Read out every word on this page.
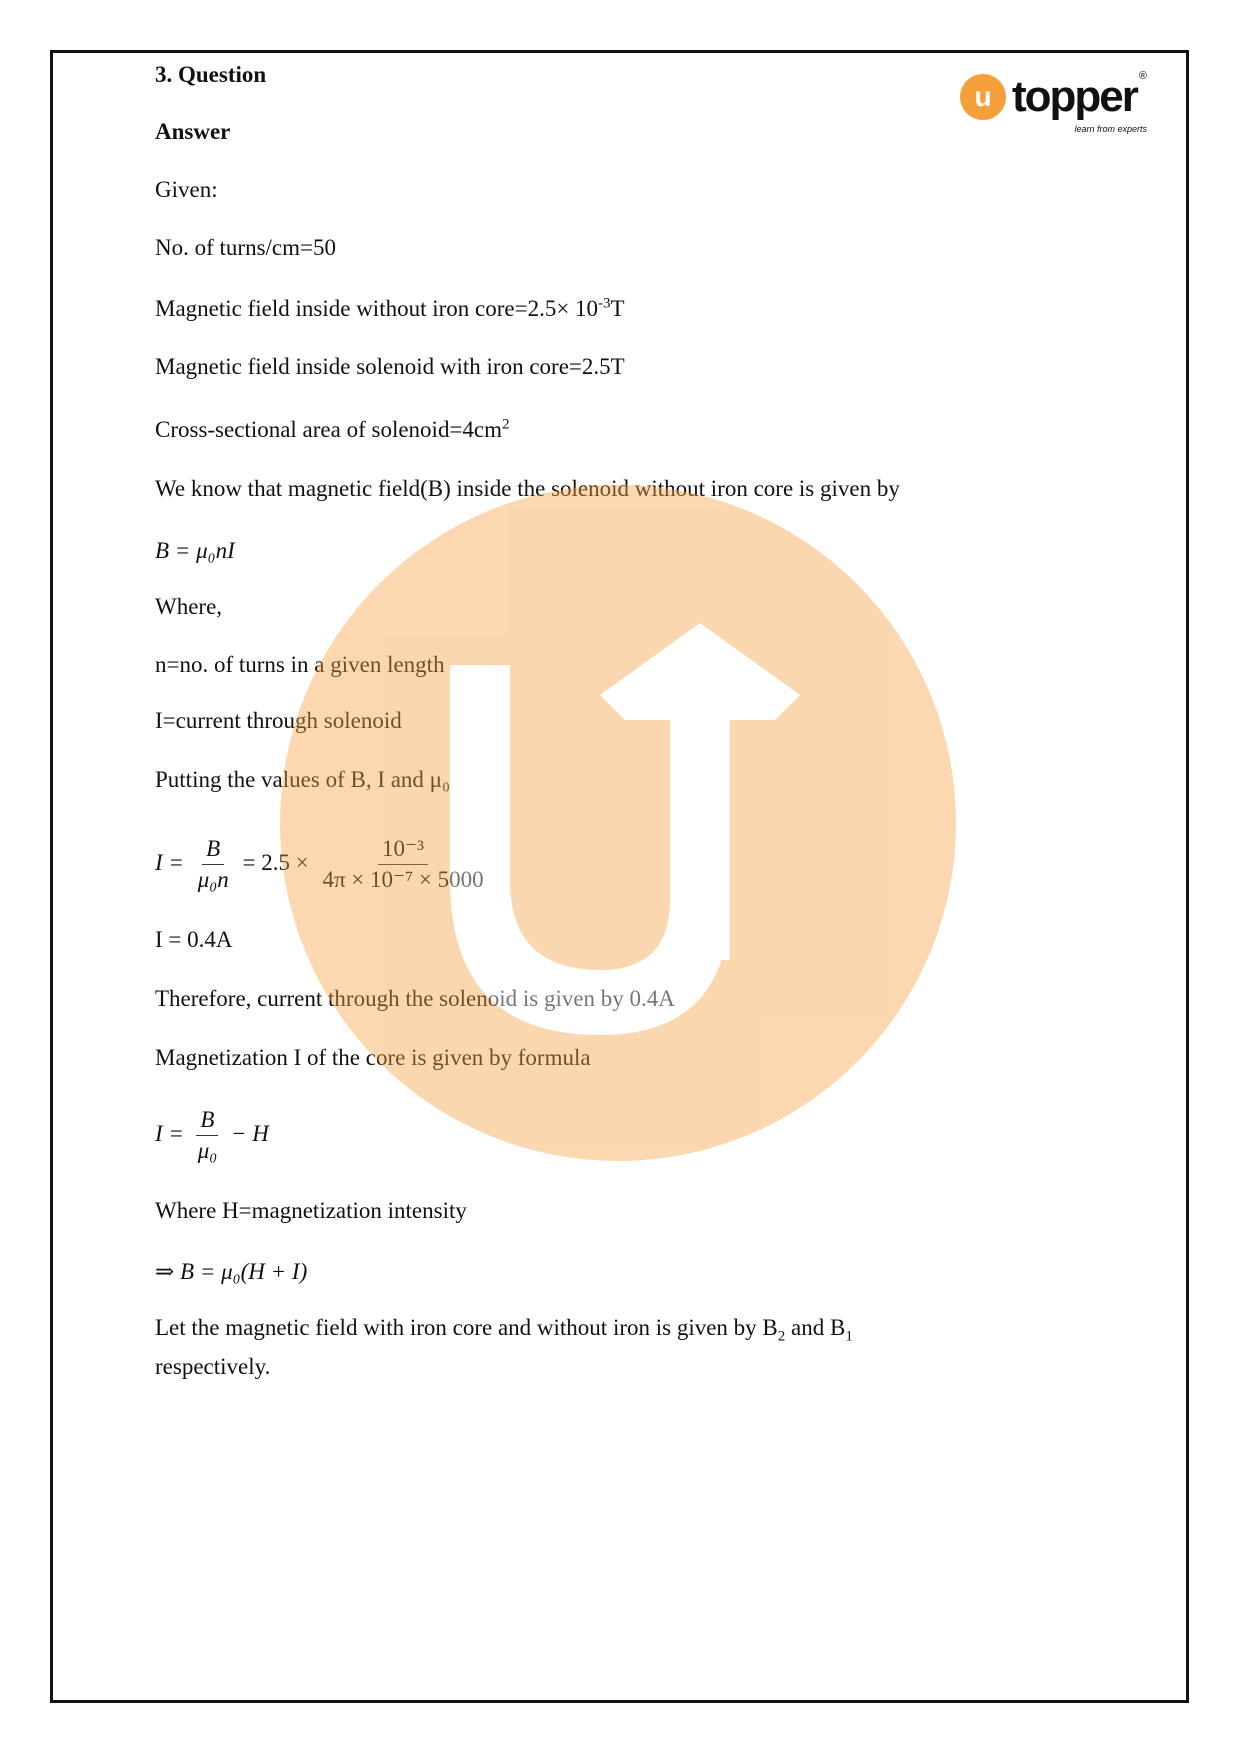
u topper ®
learn from experts
3. Question
Answer
Given:
No. of turns/cm=50
Magnetic field inside without iron core=2.5× $10^{-3}T$
Magnetic field inside solenoid with iron core=2.5T
Cross-sectional area of $solenoid=4cm^2$
We know that magnetic field(B) inside the solenoid without iron core is given by
B = μ₀nI
Where,
n=no. of turns in a given length
I=current through solenoid
Putting the values of B, I and μ₀
$I = \frac{B}{\text{μ₀n}} = 2.5 \times \frac{\text{10⁻³}}{\text{4π × 10⁻⁷ × 5000}}$
I = 0.4A
Therefore, current through the solenoid is given by 0.4A
Magnetization I of the core is given by formula
$I = \frac{B}{\text{μ₀}} - H$
Where H=magnetization intensity
⇒ B = μ₀(H + I)
Let the magnetic field with iron core and without iron is given by $B_2$ and $B_1$
respectively.
